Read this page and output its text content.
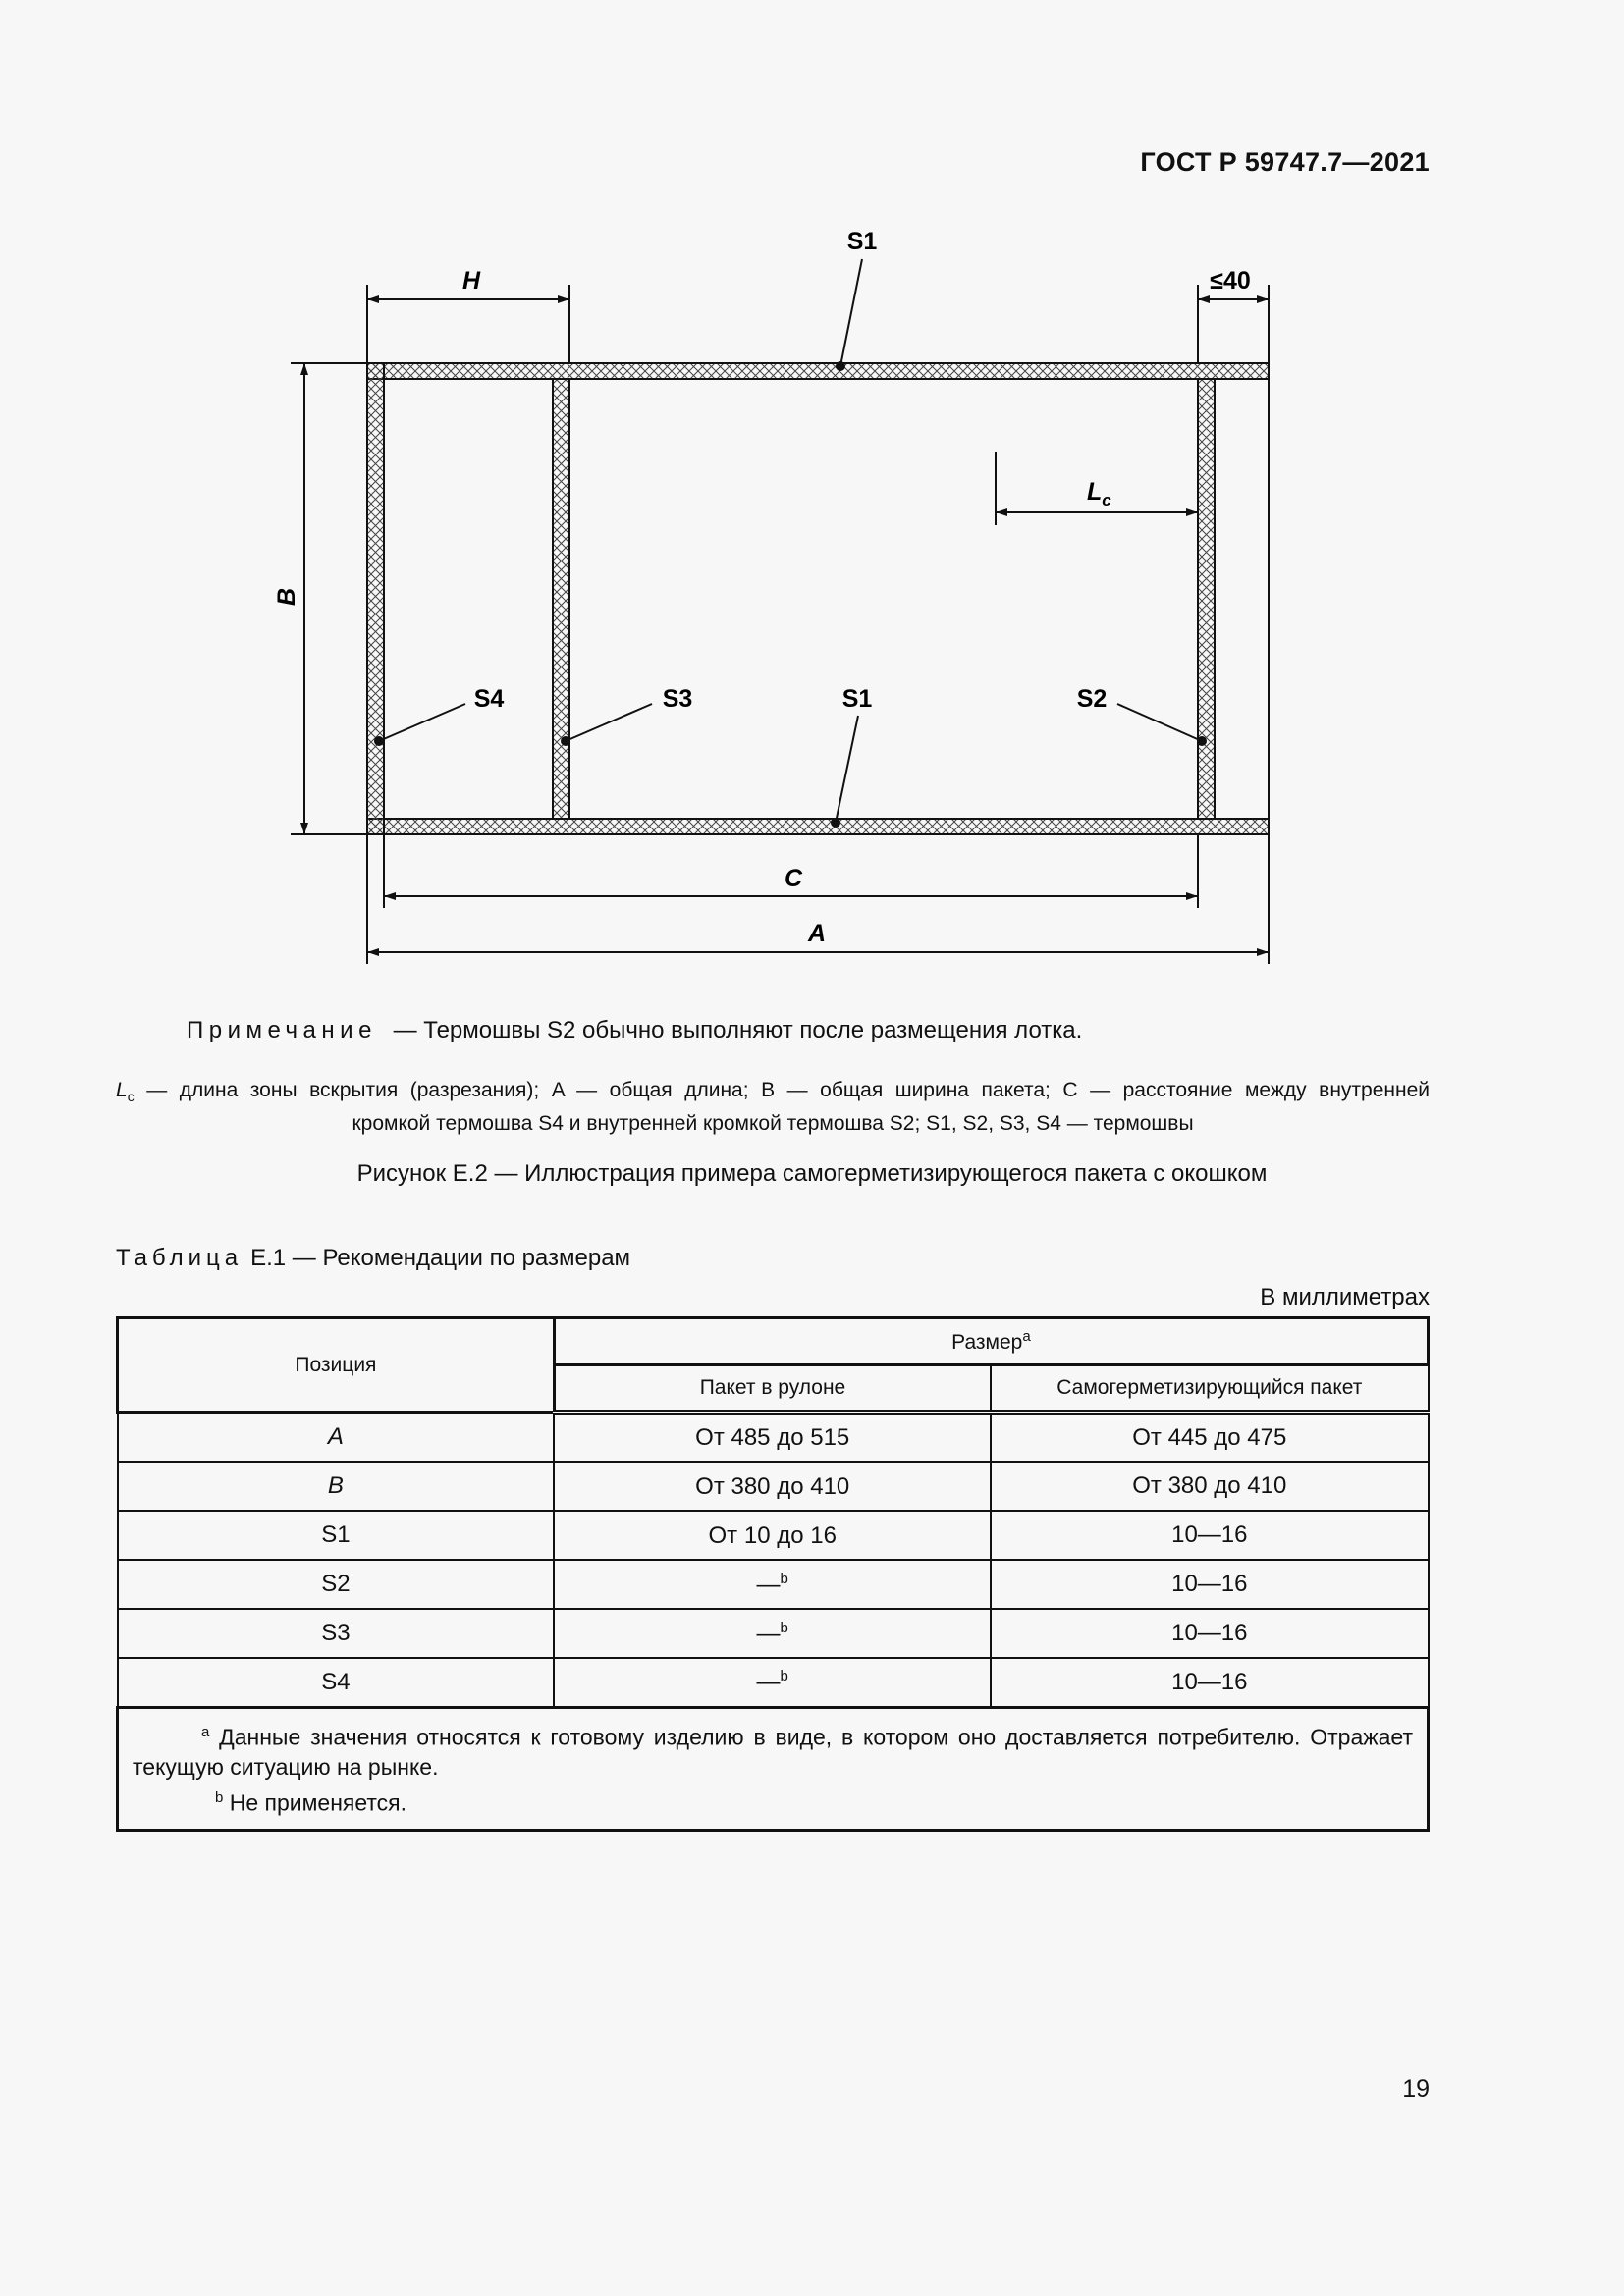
ГОСТ Р 59747.7—2021
S1
H	≤40
B
$L_c$
S4	S3	S1	S2
C
A
Примечание — Термошвы S2 обычно выполняют после размещения лотка.
$L_c$ — длина зоны вскрытия (разрезания); A — общая длина; B — общая ширина пакета; C — расстояние между внутренней
кромкой термошва S4 и внутренней кромкой термошва S2; S1, S2, S3, S4 — термошвы
Рисунок Е.2 — Иллюстрация примера самогерметизирующегося пакета с окошком
Таблица Е.1 — Рекомендации по размерам
В миллиметрах
Позиция	Размер$^a$
	Пакет в рулоне	Самогерметизирующийся пакет
A	От 485 до 515	От 445 до 475
B	От 380 до 410	От 380 до 410
S1	От 10 до 16	10—16
S2	—$^b$	10—16
S3	—$^b$	10—16
S4	—$^b$	10—16

$^a$ Данные значения относятся к готовому изделию в виде, в котором оно доставляется потребителю. Отражает текущую ситуацию на рынке.
$^b$ Не применяется.		
19
